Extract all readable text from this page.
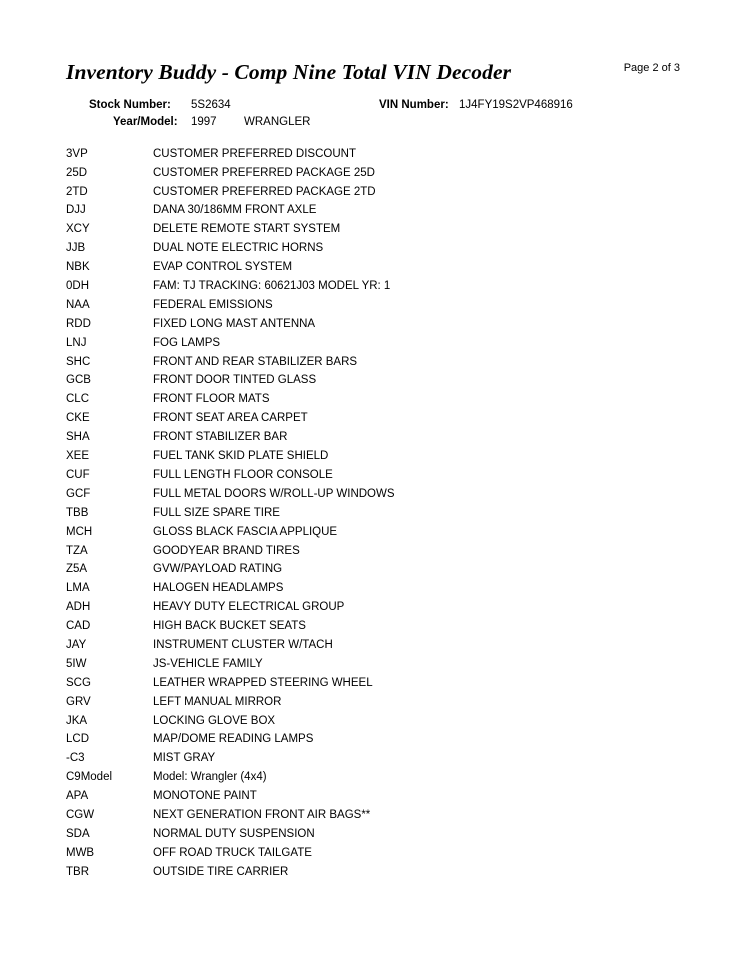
Inventory Buddy - Comp Nine Total VIN Decoder	Page 2 of 3
Stock Number: 5S2634	VIN Number: 1J4FY19S2VP468916
Year/Model: 1997 WRANGLER
3VP	CUSTOMER PREFERRED DISCOUNT
25D	CUSTOMER PREFERRED PACKAGE 25D
2TD	CUSTOMER PREFERRED PACKAGE 2TD
DJJ	DANA 30/186MM FRONT AXLE
XCY	DELETE REMOTE START SYSTEM
JJB	DUAL NOTE ELECTRIC HORNS
NBK	EVAP CONTROL SYSTEM
0DH	FAM: TJ TRACKING: 60621J03 MODEL YR: 1
NAA	FEDERAL EMISSIONS
RDD	FIXED LONG MAST ANTENNA
LNJ	FOG LAMPS
SHC	FRONT AND REAR STABILIZER BARS
GCB	FRONT DOOR TINTED GLASS
CLC	FRONT FLOOR MATS
CKE	FRONT SEAT AREA CARPET
SHA	FRONT STABILIZER BAR
XEE	FUEL TANK SKID PLATE SHIELD
CUF	FULL LENGTH FLOOR CONSOLE
GCF	FULL METAL DOORS W/ROLL-UP WINDOWS
TBB	FULL SIZE SPARE TIRE
MCH	GLOSS BLACK FASCIA APPLIQUE
TZA	GOODYEAR BRAND TIRES
Z5A	GVW/PAYLOAD RATING
LMA	HALOGEN HEADLAMPS
ADH	HEAVY DUTY ELECTRICAL GROUP
CAD	HIGH BACK BUCKET SEATS
JAY	INSTRUMENT CLUSTER W/TACH
5IW	JS-VEHICLE FAMILY
SCG	LEATHER WRAPPED STEERING WHEEL
GRV	LEFT MANUAL MIRROR
JKA	LOCKING GLOVE BOX
LCD	MAP/DOME READING LAMPS
-C3	MIST GRAY
C9Model	Model: Wrangler (4x4)
APA	MONOTONE PAINT
CGW	NEXT GENERATION FRONT AIR BAGS**
SDA	NORMAL DUTY SUSPENSION
MWB	OFF ROAD TRUCK TAILGATE
TBR	OUTSIDE TIRE CARRIER
